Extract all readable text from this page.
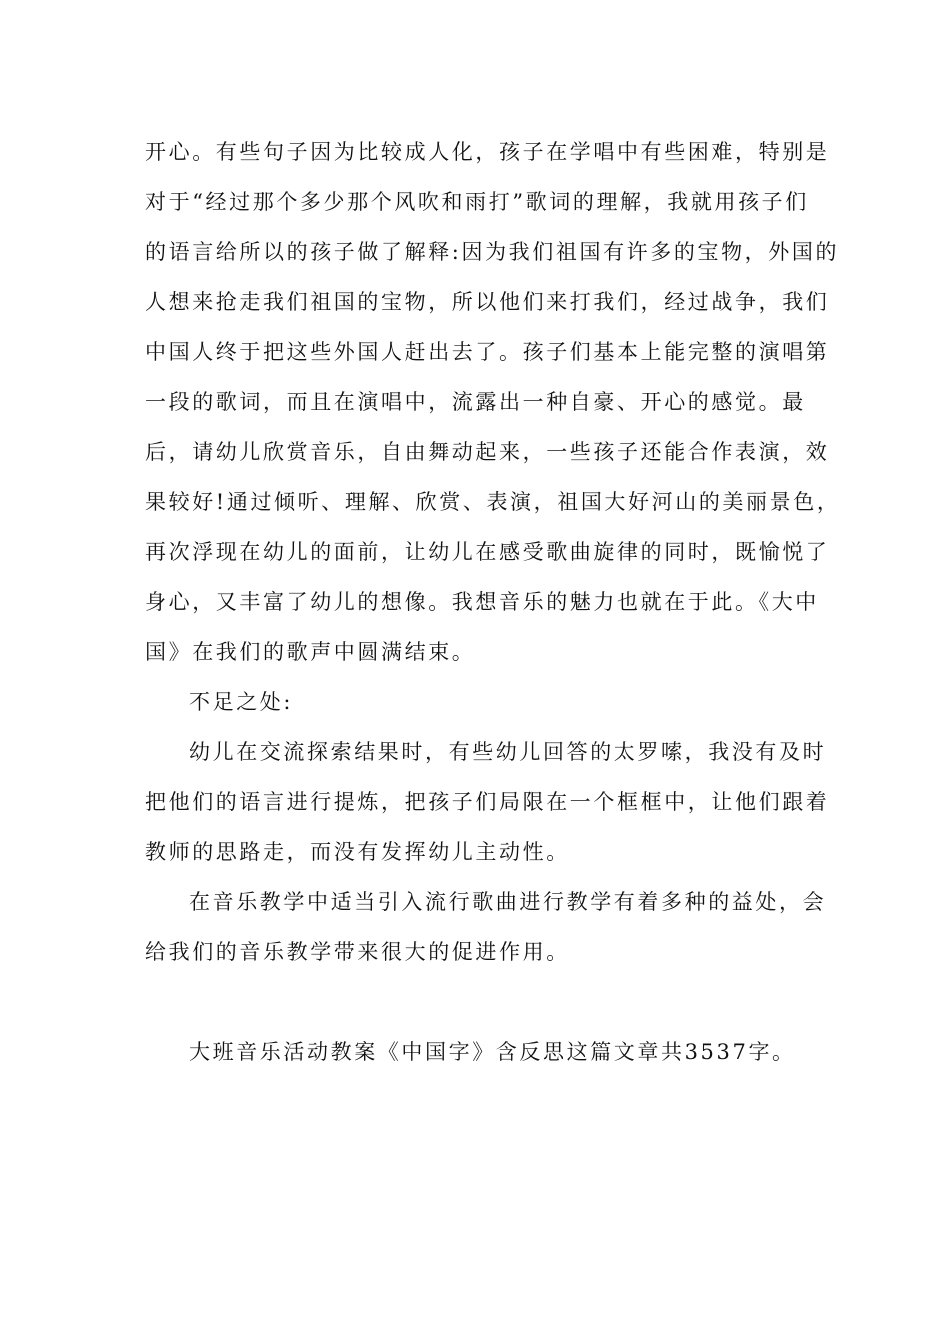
开心。有些句子因为比较成人化，孩子在学唱中有些困难，特别是
对于“经过那个多少那个风吹和雨打”歌词的理解，我就用孩子们
的语言给所以的孩子做了解释:因为我们祖国有许多的宝物，外国的
人想来抢走我们祖国的宝物，所以他们来打我们，经过战争，我们
中国人终于把这些外国人赶出去了。孩子们基本上能完整的演唱第
一段的歌词，而且在演唱中，流露出一种自豪、开心的感觉。最
后，请幼儿欣赏音乐，自由舞动起来，一些孩子还能合作表演，效
果较好!通过倾听、理解、欣赏、表演，祖国大好河山的美丽景色，
再次浮现在幼儿的面前，让幼儿在感受歌曲旋律的同时，既愉悦了
身心，又丰富了幼儿的想像。我想音乐的魅力也就在于此。《大中
国》在我们的歌声中圆满结束。
不足之处:
幼儿在交流探索结果时，有些幼儿回答的太罗嗦，我没有及时
把他们的语言进行提炼，把孩子们局限在一个框框中，让他们跟着
教师的思路走，而没有发挥幼儿主动性。
在音乐教学中适当引入流行歌曲进行教学有着多种的益处，会
给我们的音乐教学带来很大的促进作用。
大班音乐活动教案《中国字》含反思这篇文章共3537字。
